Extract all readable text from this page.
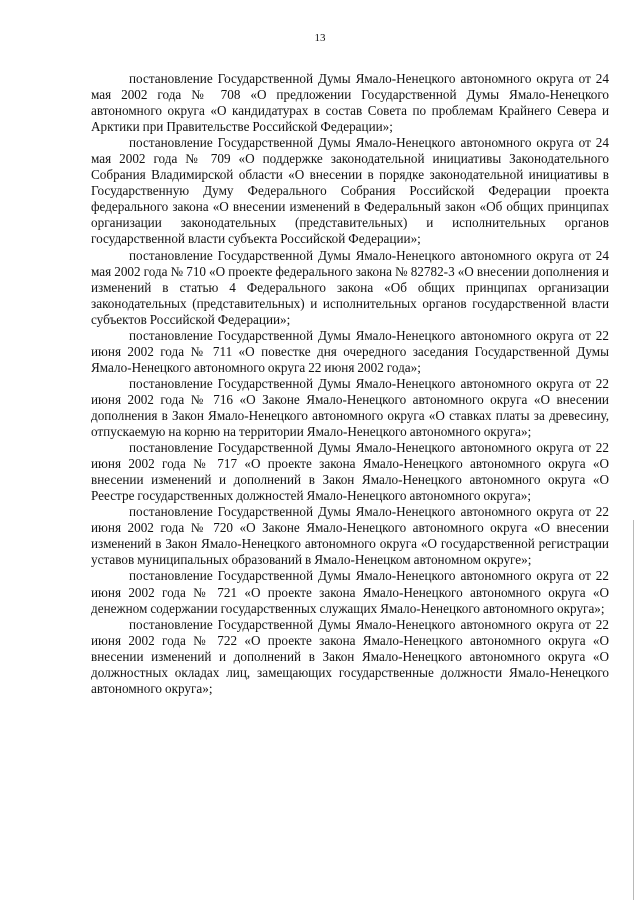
13

постановление Государственной Думы Ямало-Ненецкого автономного округа от 24 мая 2002 года № 708 «О предложении Государственной Думы Ямало-Ненецкого автономного округа «О кандидатурах в состав Совета по проблемам Крайнего Севера и Арктики при Правительстве Российской Федерации»;

постановление Государственной Думы Ямало-Ненецкого автономного округа от 24 мая 2002 года № 709 «О поддержке законодательной инициативы Законодательного Собрания Владимирской области «О внесении в порядке законодательной инициативы в Государственную Думу Федерального Собрания Российской Федерации проекта федерального закона «О внесении изменений в Федеральный закон «Об общих принципах организации законодательных (представительных) и исполнительных органов государственной власти субъекта Российской Федерации»;

постановление Государственной Думы Ямало-Ненецкого автономного округа от 24 мая 2002 года № 710 «О проекте федерального закона № 82782-3 «О внесении дополнения и изменений в статью 4 Федерального закона «Об общих принципах организации законодательных (представительных) и исполнительных органов государственной власти субъектов Российской Федерации»;

постановление Государственной Думы Ямало-Ненецкого автономного округа от 22 июня 2002 года № 711 «О повестке дня очередного заседания Государственной Думы Ямало-Ненецкого автономного округа 22 июня 2002 года»;

постановление Государственной Думы Ямало-Ненецкого автономного округа от 22 июня 2002 года № 716 «О Законе Ямало-Ненецкого автономного округа «О внесении дополнения в Закон Ямало-Ненецкого автономного округа «О ставках платы за древесину, отпускаемую на корню на территории Ямало-Ненецкого автономного округа»;

постановление Государственной Думы Ямало-Ненецкого автономного округа от 22 июня 2002 года № 717 «О проекте закона Ямало-Ненецкого автономного округа «О внесении изменений и дополнений в Закон Ямало-Ненецкого автономного округа «О Реестре государственных должностей Ямало-Ненецкого автономного округа»;

постановление Государственной Думы Ямало-Ненецкого автономного округа от 22 июня 2002 года № 720 «О Законе Ямало-Ненецкого автономного округа «О внесении изменений в Закон Ямало-Ненецкого автономного округа «О государственной регистрации уставов муниципальных образований в Ямало-Ненецком автономном округе»;

постановление Государственной Думы Ямало-Ненецкого автономного округа от 22 июня 2002 года № 721 «О проекте закона Ямало-Ненецкого автономного округа «О денежном содержании государственных служащих Ямало-Ненецкого автономного округа»;

постановление Государственной Думы Ямало-Ненецкого автономного округа от 22 июня 2002 года № 722 «О проекте закона Ямало-Ненецкого автономного округа «О внесении изменений и дополнений в Закон Ямало-Ненецкого автономного округа «О должностных окладах лиц, замещающих государственные должности Ямало-Ненецкого автономного округа»;
